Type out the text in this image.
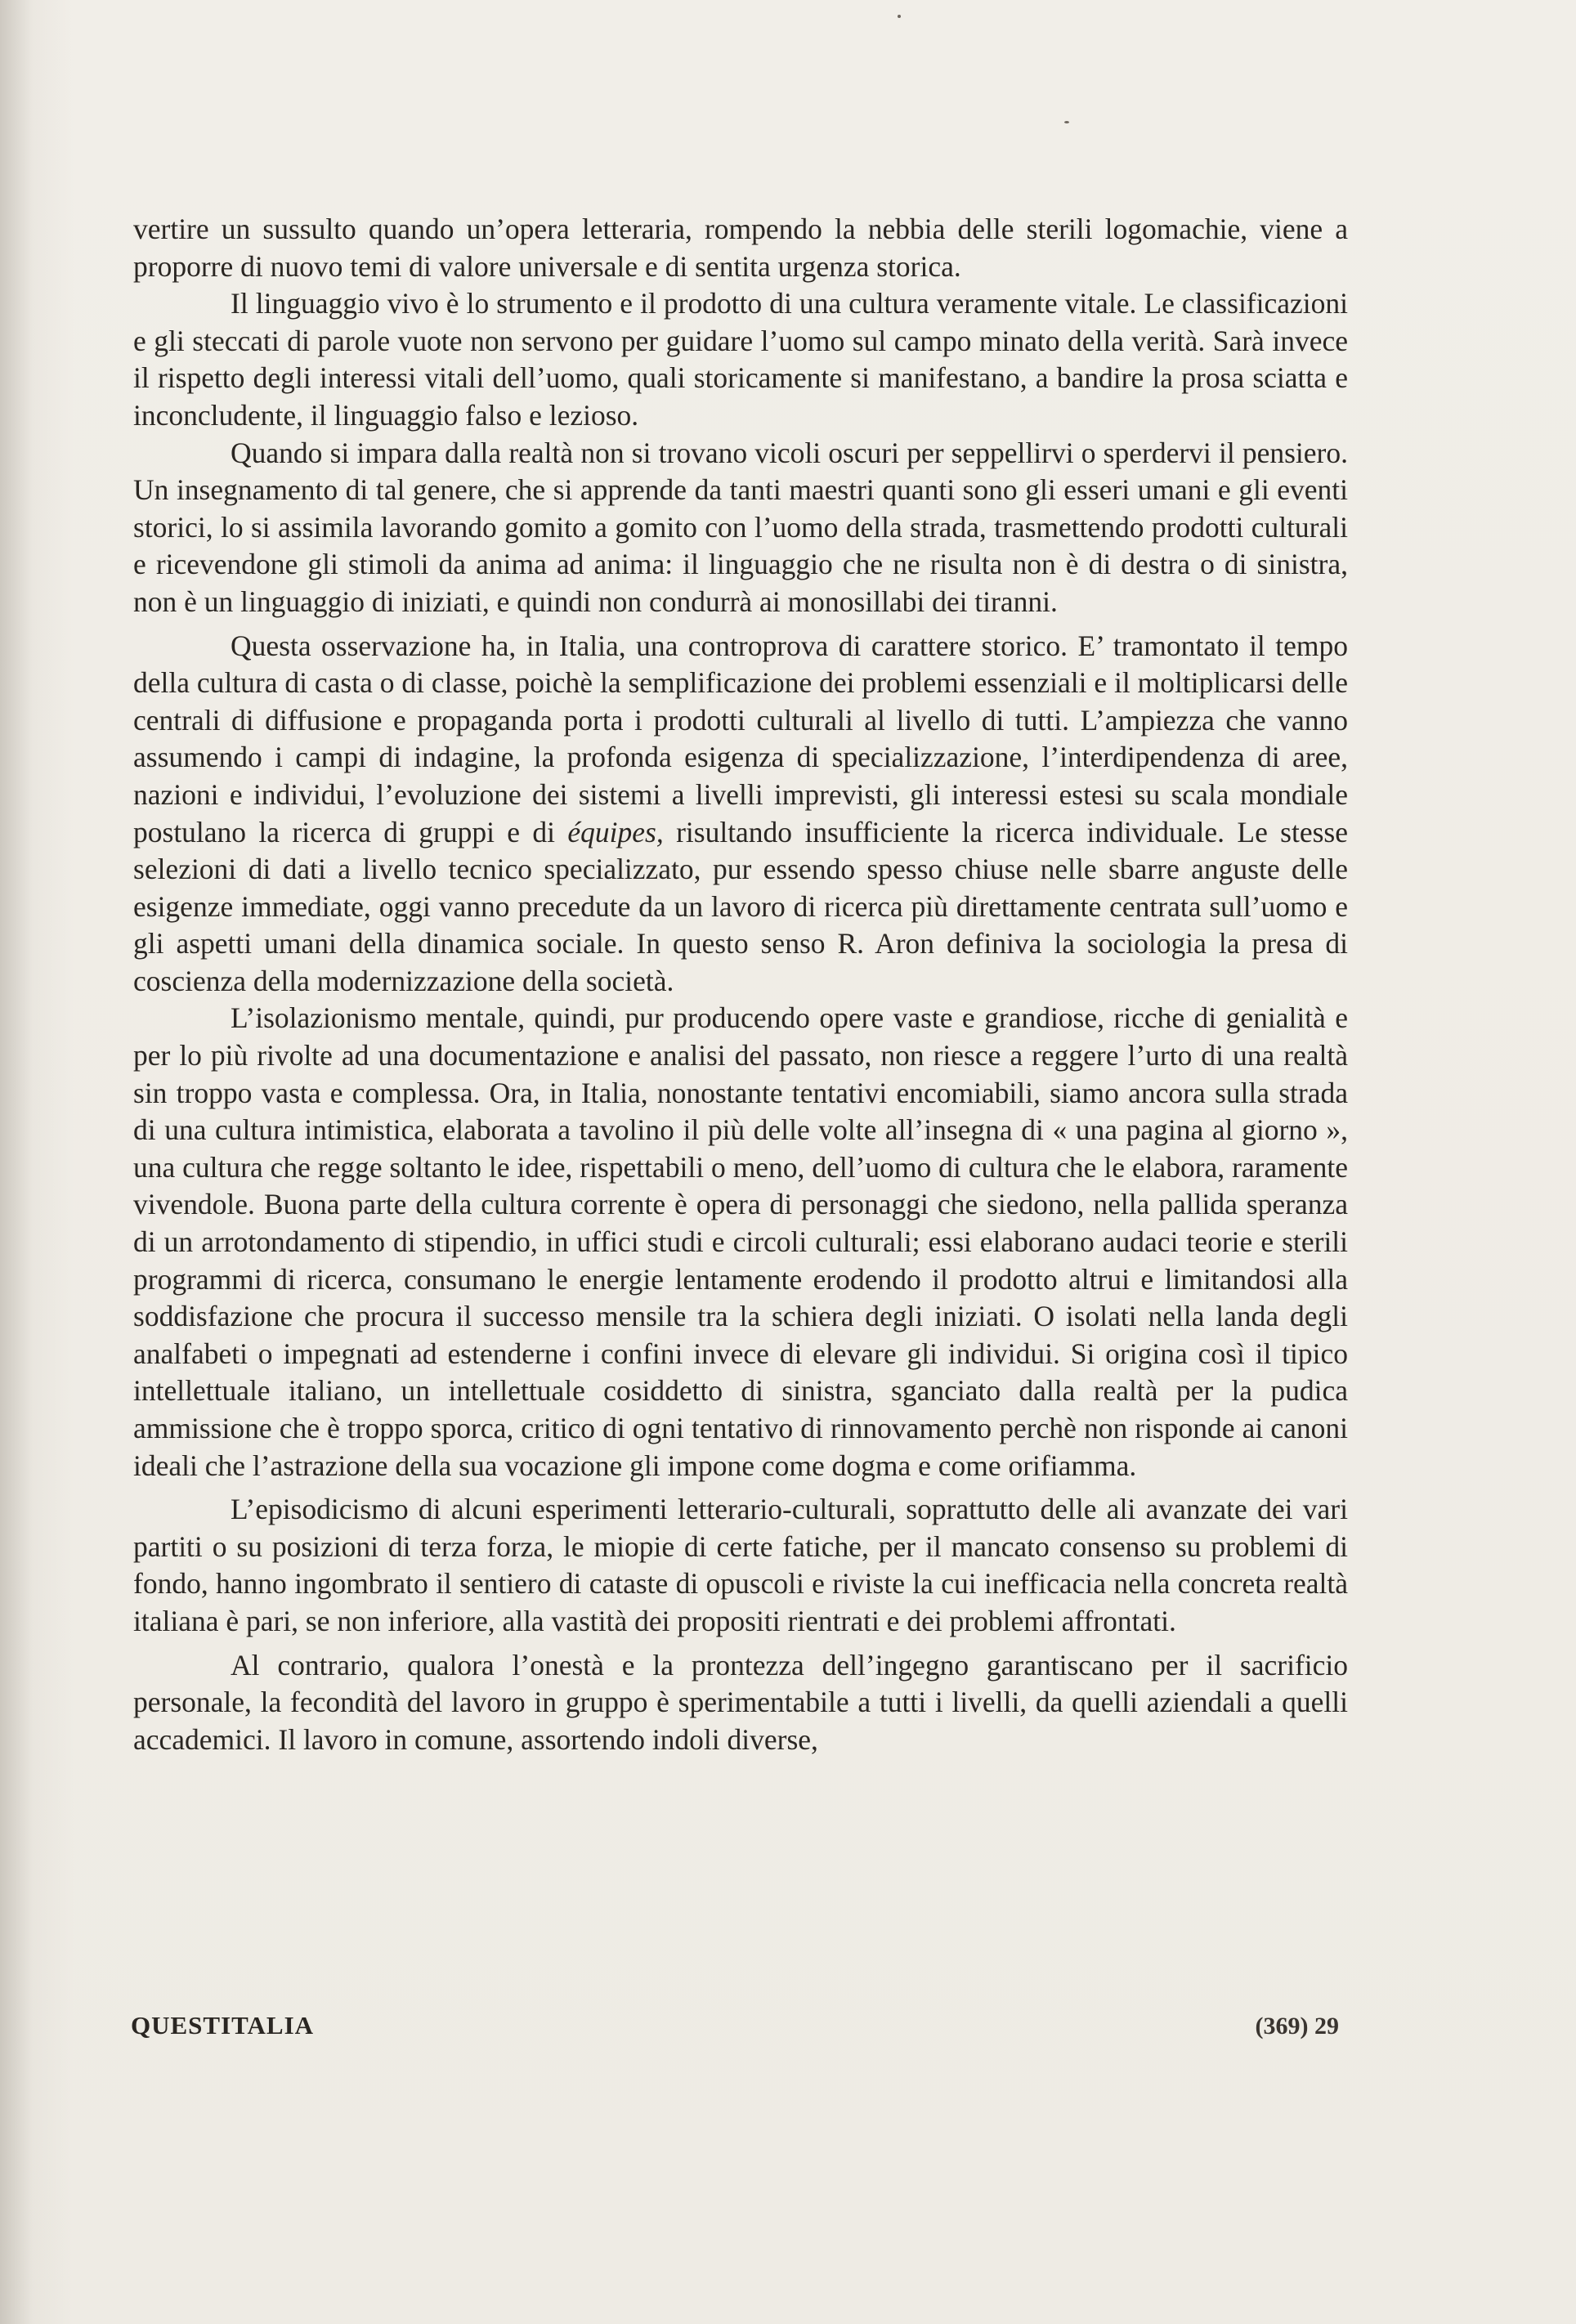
vertire un sussulto quando un’opera letteraria, rompendo la nebbia delle sterili logomachie, viene a proporre di nuovo temi di valore universale e di sentita urgenza storica.

Il linguaggio vivo è lo strumento e il prodotto di una cultura veramente vitale. Le classificazioni e gli steccati di parole vuote non servono per guidare l’uomo sul campo minato della verità. Sarà invece il rispetto degli interessi vitali dell’uomo, quali storicamente si manifestano, a bandire la prosa sciatta e inconcludente, il linguaggio falso e lezioso.

Quando si impara dalla realtà non si trovano vicoli oscuri per seppellirvi o sperdervi il pensiero. Un insegnamento di tal genere, che si apprende da tanti maestri quanti sono gli esseri umani e gli eventi storici, lo si assimila lavorando gomito a gomito con l’uomo della strada, trasmettendo prodotti culturali e ricevendone gli stimoli da anima ad anima: il linguaggio che ne risulta non è di destra o di sinistra, non è un linguaggio di iniziati, e quindi non condurrà ai monosillabi dei tiranni.

Questa osservazione ha, in Italia, una controprova di carattere storico. E’ tramontato il tempo della cultura di casta o di classe, poichè la semplificazione dei problemi essenziali e il moltiplicarsi delle centrali di diffusione e propaganda porta i prodotti culturali al livello di tutti. L’ampiezza che vanno assumendo i campi di indagine, la profonda esigenza di specializzazione, l’interdipendenza di aree, nazioni e individui, l’evoluzione dei sistemi a livelli imprevisti, gli interessi estesi su scala mondiale postulano la ricerca di gruppi e di équipes, risultando insufficiente la ricerca individuale. Le stesse selezioni di dati a livello tecnico specializzato, pur essendo spesso chiuse nelle sbarre anguste delle esigenze immediate, oggi vanno precedute da un lavoro di ricerca più direttamente centrata sull’uomo e gli aspetti umani della dinamica sociale. In questo senso R. Aron definiva la sociologia la presa di coscienza della modernizzazione della società.

L’isolazionismo mentale, quindi, pur producendo opere vaste e grandiose, ricche di genialità e per lo più rivolte ad una documentazione e analisi del passato, non riesce a reggere l’urto di una realtà sin troppo vasta e complessa. Ora, in Italia, nonostante tentativi encomiabili, siamo ancora sulla strada di una cultura intimistica, elaborata a tavolino il più delle volte all’insegna di « una pagina al giorno », una cultura che regge soltanto le idee, rispettabili o meno, dell’uomo di cultura che le elabora, raramente vivendole. Buona parte della cultura corrente è opera di personaggi che siedono, nella pallida speranza di un arrotondamento di stipendio, in uffici studi e circoli culturali; essi elaborano audaci teorie e sterili programmi di ricerca, consumano le energie lentamente erodendo il prodotto altrui e limitandosi alla soddisfazione che procura il successo mensile tra la schiera degli iniziati. O isolati nella landa degli analfabeti o impegnati ad estenderne i confini invece di elevare gli individui. Si origina così il tipico intellettuale italiano, un intellettuale cosiddetto di sinistra, sganciato dalla realtà per la pudica ammissione che è troppo sporca, critico di ogni tentativo di rinnovamento perchè non risponde ai canoni ideali che l’astrazione della sua vocazione gli impone come dogma e come orifiamma.

L’episodicismo di alcuni esperimenti letterario-culturali, soprattutto delle ali avanzate dei vari partiti o su posizioni di terza forza, le miopie di certe fatiche, per il mancato consenso su problemi di fondo, hanno ingombrato il sentiero di cataste di opuscoli e riviste la cui inefficacia nella concreta realtà italiana è pari, se non inferiore, alla vastità dei propositi rientrati e dei problemi affrontati.

Al contrario, qualora l’onestà e la prontezza dell’ingegno garantiscano per il sacrificio personale, la fecondità del lavoro in gruppo è sperimentabile a tutti i livelli, da quelli aziendali a quelli accademici. Il lavoro in comune, assortendo indoli diverse,

QUESTITALIA	(369) 29
